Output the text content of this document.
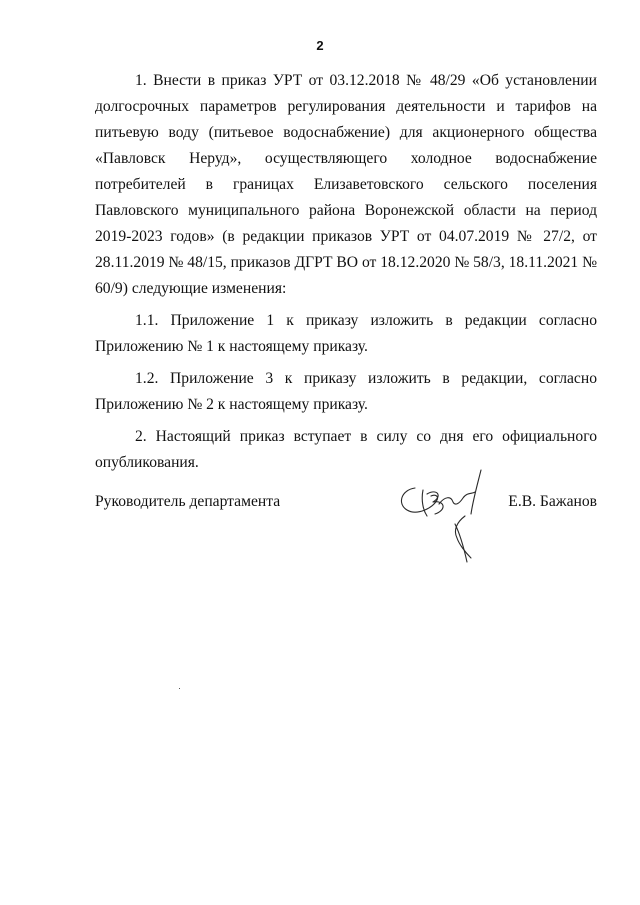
2

1. Внести в приказ УРТ от 03.12.2018 № 48/29 «Об установлении долгосрочных параметров регулирования деятельности и тарифов на питьевую воду (питьевое водоснабжение) для акционерного общества «Павловск Неруд», осуществляющего холодное водоснабжение потребителей в границах Елизаветовского сельского поселения Павловского муниципального района Воронежской области на период 2019-2023 годов» (в редакции приказов УРТ от 04.07.2019 № 27/2, от 28.11.2019 № 48/15, приказов ДГРТ ВО от 18.12.2020 № 58/3, 18.11.2021 № 60/9) следующие изменения:

1.1. Приложение 1 к приказу изложить в редакции согласно Приложению № 1 к настоящему приказу.

1.2. Приложение 3 к приказу изложить в редакции, согласно Приложению № 2 к настоящему приказу.

2. Настоящий приказ вступает в силу со дня его официального опубликования.

Руководитель департамента	Е.В. Бажанов
